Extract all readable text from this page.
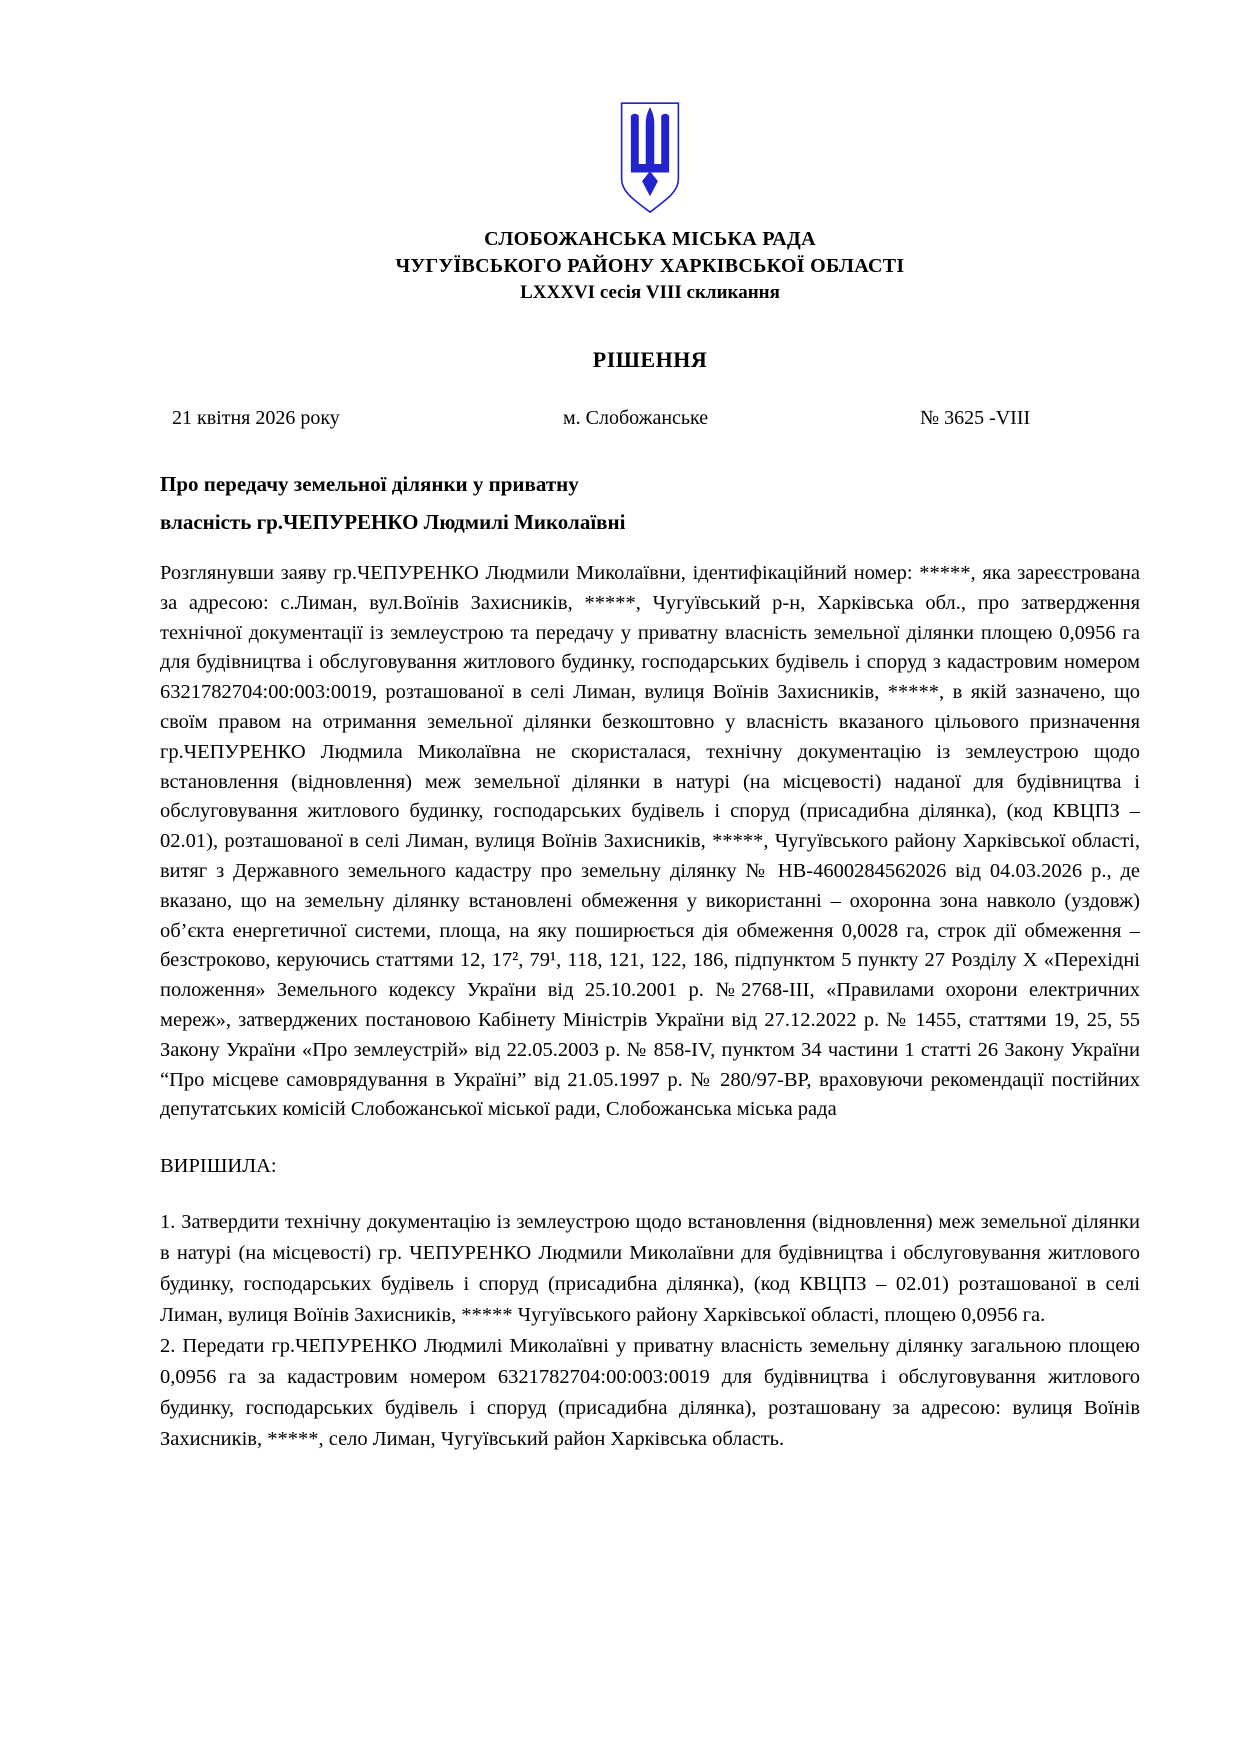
СЛОБОЖАНСЬКА МІСЬКА РАДА
ЧУГУЇВСЬКОГО РАЙОНУ ХАРКІВСЬКОЇ ОБЛАСТІ
LXXXVI сесія VIII скликання
РІШЕННЯ
21 квітня 2026 року	м. Слобожанське	№ 3625 -VIII
Про передачу земельної ділянки у приватну
власність гр.ЧЕПУРЕНКО Людмилі Миколаївні
Розглянувши заяву гр.ЧЕПУРЕНКО Людмили Миколаївни, ідентифікаційний номер: *****, яка зареєстрована за адресою: с.Лиман, вул.Воїнів Захисників, *****, Чугуївський р-н, Харківська обл., про затвердження технічної документації із землеустрою та передачу у приватну власність земельної ділянки площею 0,0956 га для будівництва і обслуговування житлового будинку, господарських будівель і споруд з кадастровим номером 6321782704:00:003:0019, розташованої в селі Лиман, вулиця Воїнів Захисників, *****, в якій зазначено, що своїм правом на отримання земельної ділянки безкоштовно у власність вказаного цільового призначення гр.ЧЕПУРЕНКО Людмила Миколаївна не скористалася, технічну документацію із землеустрою щодо встановлення (відновлення) меж земельної ділянки в натурі (на місцевості) наданої для будівництва і обслуговування житлового будинку, господарських будівель і споруд (присадибна ділянка), (код КВЦПЗ – 02.01), розташованої в селі Лиман, вулиця Воїнів Захисників, *****, Чугуївського району Харківської області, витяг з Державного земельного кадастру про земельну ділянку № НВ-4600284562026 від 04.03.2026 р., де вказано, що на земельну ділянку встановлені обмеження у використанні – охоронна зона навколо (уздовж) об’єкта енергетичної системи, площа, на яку поширюється дія обмеження 0,0028 га, строк дії обмеження – безстроково, керуючись статтями 12, 17², 79¹, 118, 121, 122, 186, підпунктом 5 пункту 27 Розділу X «Перехідні положення» Земельного кодексу України від 25.10.2001 р. №2768-ІІІ, «Правилами охорони електричних мереж», затверджених постановою Кабінету Міністрів України від 27.12.2022 р. № 1455, статтями 19, 25, 55 Закону України «Про землеустрій» від 22.05.2003 р. № 858-IV, пунктом 34 частини 1 статті 26 Закону України “Про місцеве самоврядування в Україні” від 21.05.1997 р. № 280/97-ВР, враховуючи рекомендації постійних депутатських комісій Слобожанської міської ради, Слобожанська міська рада
ВИРІШИЛА:

1. Затвердити технічну документацію із землеустрою щодо встановлення (відновлення) меж земельної ділянки в натурі (на місцевості) гр. ЧЕПУРЕНКО Людмили Миколаївни для будівництва і обслуговування житлового будинку, господарських будівель і споруд (присадибна ділянка), (код КВЦПЗ – 02.01) розташованої в селі Лиман, вулиця Воїнів Захисників, ***** Чугуївського району Харківської області, площею 0,0956 га.

2. Передати гр.ЧЕПУРЕНКО Людмилі Миколаївні у приватну власність земельну ділянку загальною площею 0,0956 га за кадастровим номером 6321782704:00:003:0019 для будівництва і обслуговування житлового будинку, господарських будівель і споруд (присадибна ділянка), розташовану за адресою: вулиця Воїнів Захисників, *****, село Лиман, Чугуївський район Харківська область.
